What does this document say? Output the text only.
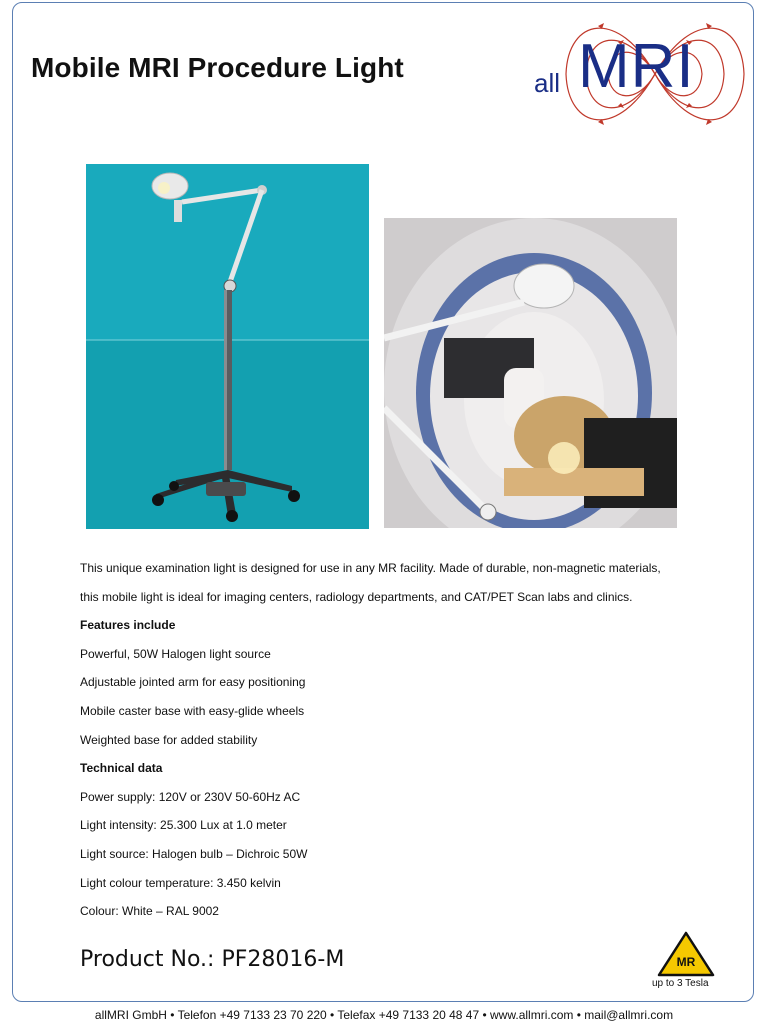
Mobile MRI Procedure Light	all MRI

This unique examination light is designed for use in any MR facility. Made of durable, non-magnetic materials,

this mobile light is ideal for imaging centers, radiology departments, and CAT/PET Scan labs and clinics.

Features include

Powerful, 50W Halogen light source

Adjustable jointed arm for easy positioning

Mobile caster base with easy-glide wheels

Weighted base for added stability

Technical data

Power supply: 120V or 230V 50-60Hz AC

Light intensity: 25.300 Lux at 1.0 meter

Light source: Halogen bulb – Dichroic 50W

Light colour temperature: 3.450 kelvin

Colour: White – RAL 9002

Product No.: PF28016-M	MR
up to 3 Tesla
allMRI GmbH • Telefon +49 7133 23 70 220 • Telefax +49 7133 20 48 47 • www.allmri.com • mail@allmri.com
